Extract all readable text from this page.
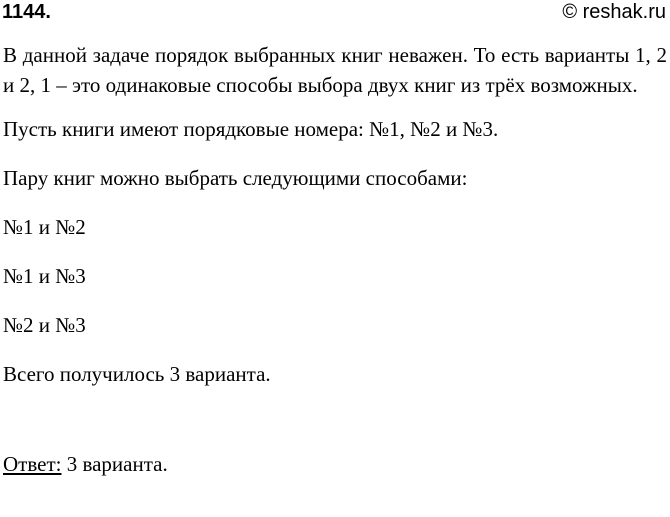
1144.	© reshak.ru

В данной задаче порядок выбранных книг неважен. То есть варианты 1, 2 и 2, 1 – это одинаковые способы выбора двух книг из трёх возможных.

Пусть книги имеют порядковые номера: №1, №2 и №3.

Пару книг можно выбрать следующими способами:

№1 и №2

№1 и №3

№2 и №3

Всего получилось 3 варианта.

Ответ: 3 варианта.
